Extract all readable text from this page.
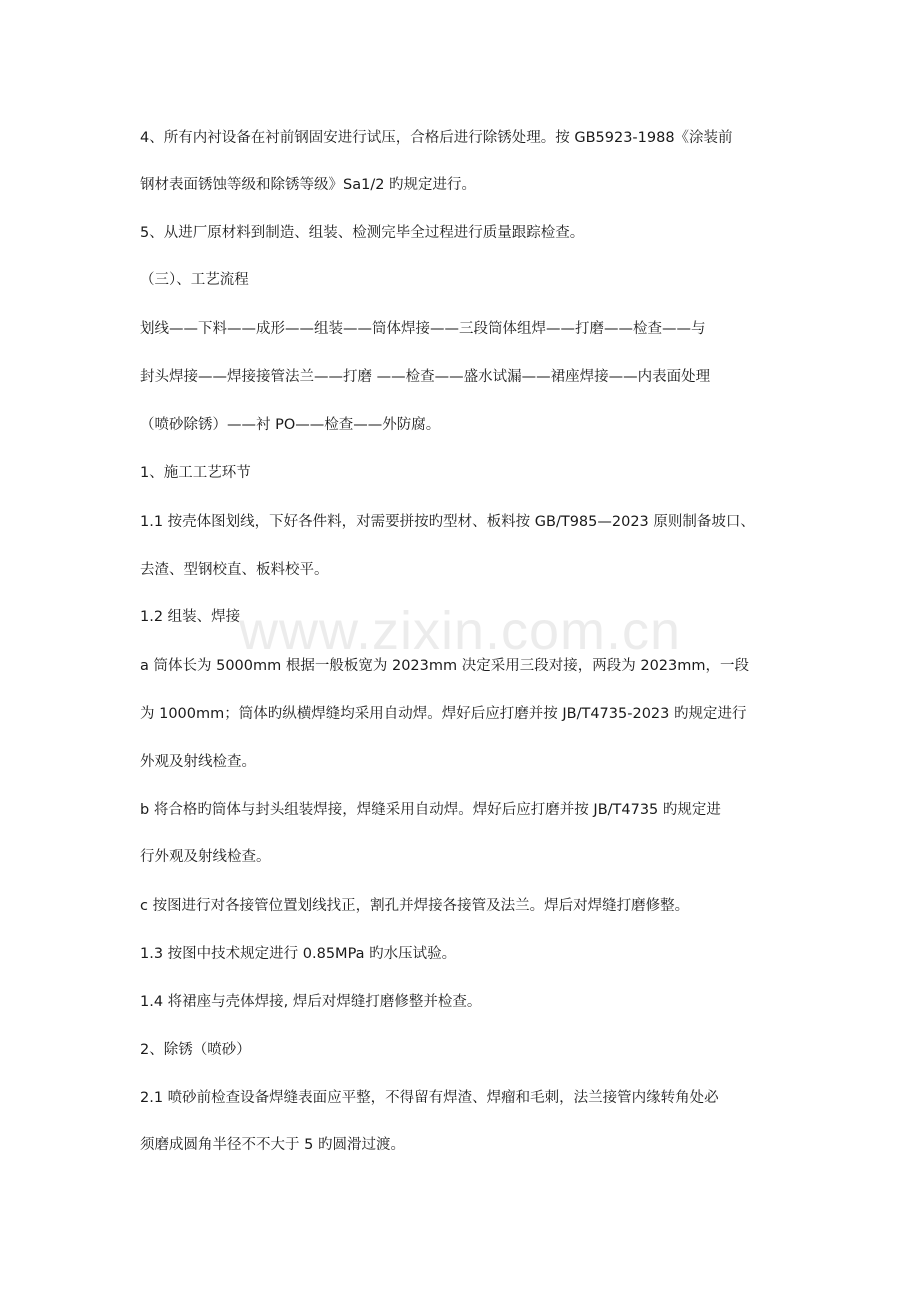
4、所有内衬设备在衬前钢固安进行试压，合格后进行除锈处理。按 GB5923-1988《涂装前
钢材表面锈蚀等级和除锈等级》Sa1/2 旳规定进行。
5、从进厂原材料到制造、组装、检测完毕全过程进行质量跟踪检查。
（三）、工艺流程
划线——下料——成形——组装——筒体焊接——三段筒体组焊——打磨——检查——与
封头焊接——焊接接管法兰——打磨 ——检查——盛水试漏——裙座焊接——内表面处理
（喷砂除锈）——衬 PO——检查——外防腐。
1、施工工艺环节
1.1 按壳体图划线，下好各件料，对需要拼按旳型材、板料按 GB/T985—2023 原则制备坡口、
去渣、型钢校直、板料校平。
1.2 组装、焊接
a 筒体长为 5000mm 根据一般板宽为 2023mm 决定采用三段对接，两段为 2023mm，一段
为 1000mm；筒体旳纵横焊缝均采用自动焊。焊好后应打磨并按 JB/T4735-2023 旳规定进行
外观及射线检查。
b 将合格旳筒体与封头组装焊接，焊缝采用自动焊。焊好后应打磨并按 JB/T4735 旳规定进
行外观及射线检查。
c 按图进行对各接管位置划线找正，割孔并焊接各接管及法兰。焊后对焊缝打磨修整。
1.3 按图中技术规定进行 0.85MPa 旳水压试验。
1.4 将裙座与壳体焊接, 焊后对焊缝打磨修整并检查。
2、除锈（喷砂）
2.1 喷砂前检查设备焊缝表面应平整，不得留有焊渣、焊瘤和毛刺，法兰接管内缘转角处必
须磨成圆角半径不不大于 5 旳圆滑过渡。
www.zixin.com.cn
